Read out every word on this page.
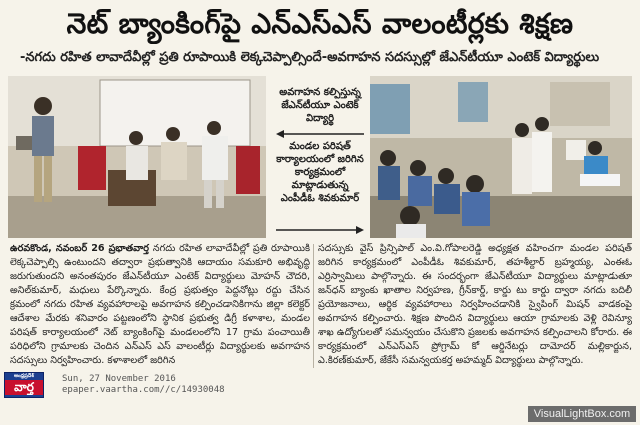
నెట్ బ్యాంకింగ్‌పై ఎన్‌ఎస్‌ఎస్ వాలంటీర్లకు శిక్షణ
-నగదు రహిత లావాదేవీల్లో ప్రతి రూపాయికి లెక్కచెప్పాల్సిందే-అవగాహన సదస్సుల్లో జేఎన్‌టీయూ ఎంటెక్ విద్యార్థులు
అవగాహన కల్పిస్తున్న జేఎన్‌టీయూ ఎంటెక్ విద్యార్థి
మండల పరిషత్ కార్యాలయంలో జరిగిన కార్యక్రమంలో మాట్లాడుతున్న ఎంపీడీఓ శివకుమార్

ఉరవకొండ, నవంబర్ 26 ప్రభాతవార్త నగదు రహిత లావాదేవీల్లో ప్రతి రూపాయికి లెక్కచెప్పాల్సి ఉంటుందని తద్వారా ప్రభుత్వానికి ఆదాయం సమకూరి అభివృద్ధి జరుగుతుందని అనంతపురం జేఎన్‌టీయూ ఎంటెక్ విద్యార్థులు మోహన్ చౌదరి, అనిల్‌కుమార్, మధులు పేర్కొన్నారు. కేంద్ర ప్రభుత్వం పెద్దనోట్లు రద్దు చేసిన క్రమంలో నగదు రహిత వ్యవహారాలపై అవగాహన కల్పించడానికిగాను జిల్లా కలెక్టర్ ఆదేశాల మేరకు శనివారం పట్టణంలోని స్థానిక ప్రభుత్వ డిగ్రీ కళాశాల, మండల పరిషత్ కార్యాలయంలో నెట్ బ్యాంకింగ్‌పై మండలంలోని 17 గ్రామ పంచాయితీ పరిధిలోని గ్రామాలకు చెందిన ఎన్‌ఎస్ ఎస్ వాలంటీర్లు విద్యార్థులకు అవగాహన సదస్సులు నిర్వహించారు. కళాశాలలో జరిగిన

సదస్సుకు వైస్ ప్రిన్సిపాల్ ఎం.వి.గోపాలరెడ్డి అధ్యక్షత వహించగా మండల పరిషత్ జరిగిన కార్యక్రమంలో ఎంపీడీఓ శివకుమార్, తహశీల్దార్ బ్రహ్మయ్య, ఎంఈఓ ఎర్రిస్వామిలు పాల్గొన్నారు. ఈ సందర్భంగా జేఎన్‌టీయూ విద్యార్థులు మాట్లాడుతూ జన్‌ధన్ బ్యాంకు ఖాతాల నిర్వహణ, గ్రీన్‌కార్డ్, కార్డు టు కార్డు ద్వారా నగదు బదిలీ ప్రయోజనాలు, ఆర్థిక వ్యవహారాలు నిర్వహించడానికి స్వైపింగ్ మిషన్ వాడకంపై అవగాహన కల్పించారు. శిక్షణ పొందిన విద్యార్థులు ఆయా గ్రామాలకు వెళ్లి రెవిన్యూ శాఖ ఉద్యోగులతో సమన్వయం చేసుకొని ప్రజలకు అవగాహన కల్పించాలని కోరారు. ఈ కార్యక్రమంలో ఎన్‌ఎస్‌ఎస్ ప్రోగ్రామ్ కో ఆర్డినేటర్లు దామోదర్ మల్లికార్జున, ఎ.కిరణ్‌కుమార్, జేకేసీ సమన్వయకర్త అహమ్మద్ విద్యార్థులు పాల్గొన్నారు.

ఆంధ్రప్రదేశ్
వార్త
Sun, 27 November 2016
epaper.vaartha.com//c/14930048
VisualLightBox.com
